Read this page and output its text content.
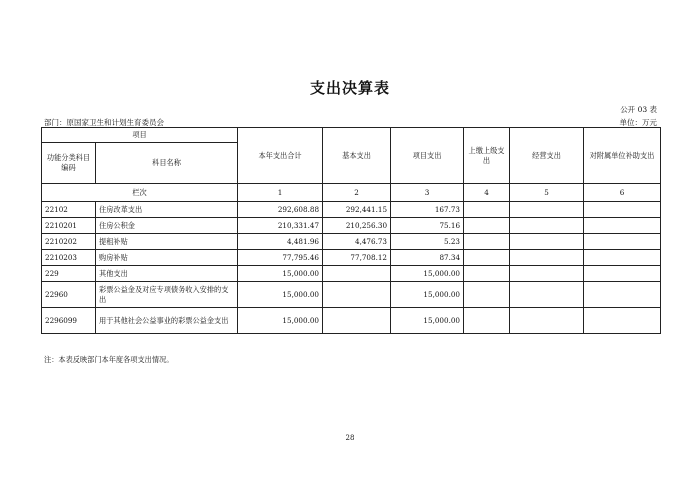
支出决算表
公开 03 表
部门：原国家卫生和计划生育委员会	单位：万元
项目		本年支出合计	基本支出	项目支出	上缴上级支出	经营支出	对附属单位补助支出
功能分类科目编码	科目名称						
栏次		1	2	3	4	5	6
22102	住房改革支出	292,608.88	292,441.15	167.73			
2210201	住房公积金	210,331.47	210,256.30	75.16			
2210202	提租补贴	4,481.96	4,476.73	5.23			
2210203	购房补贴	77,795.46	77,708.12	87.34			
229	其他支出	15,000.00		15,000.00			
22960	彩票公益金及对应专项债务收入安排的支出	15,000.00		15,000.00			
2296099	用于其他社会公益事业的彩票公益金支出	15,000.00		15,000.00			
注：本表反映部门本年度各项支出情况。
28
